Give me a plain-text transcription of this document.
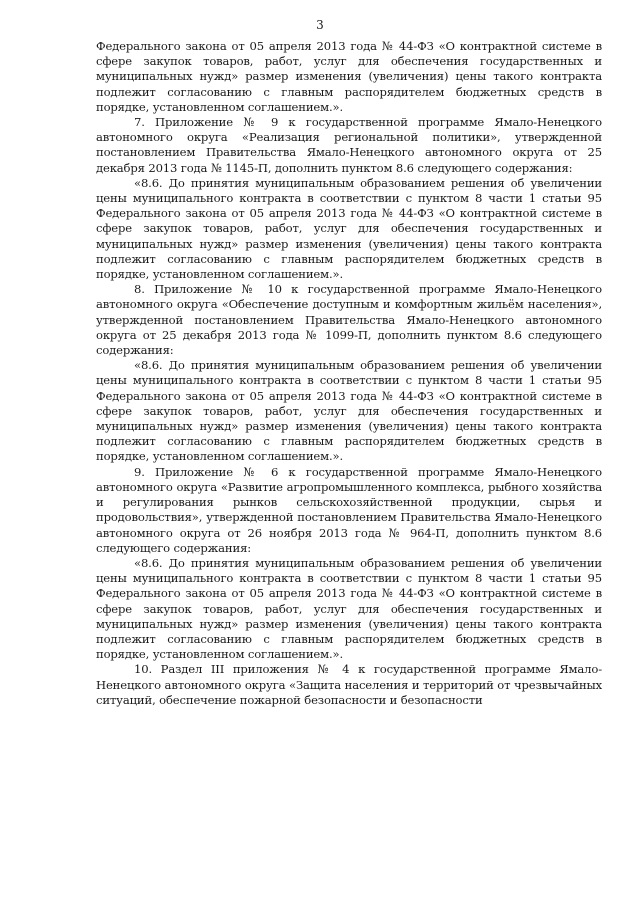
3

Федерального закона от 05 апреля 2013 года № 44-ФЗ «О контрактной системе в сфере закупок товаров, работ, услуг для обеспечения государственных и муниципальных нужд» размер изменения (увеличения) цены такого контракта подлежит согласованию с главным распорядителем бюджетных средств в порядке, установленном соглашением.».

7. Приложение № 9 к государственной программе Ямало-Ненецкого автономного округа «Реализация региональной политики», утвержденной постановлением Правительства Ямало-Ненецкого автономного округа от 25 декабря 2013 года № 1145-П, дополнить пунктом 8.6 следующего содержания:

«8.6. До принятия муниципальным образованием решения об увеличении цены муниципального контракта в соответствии с пунктом 8 части 1 статьи 95 Федерального закона от 05 апреля 2013 года № 44-ФЗ «О контрактной системе в сфере закупок товаров, работ, услуг для обеспечения государственных и муниципальных нужд» размер изменения (увеличения) цены такого контракта подлежит согласованию с главным распорядителем бюджетных средств в порядке, установленном соглашением.».

8. Приложение № 10 к государственной программе Ямало-Ненецкого автономного округа «Обеспечение доступным и комфортным жильём населения», утвержденной постановлением Правительства Ямало-Ненецкого автономного округа от 25 декабря 2013 года № 1099-П, дополнить пунктом 8.6 следующего содержания:

«8.6. До принятия муниципальным образованием решения об увеличении цены муниципального контракта в соответствии с пунктом 8 части 1 статьи 95 Федерального закона от 05 апреля 2013 года № 44-ФЗ «О контрактной системе в сфере закупок товаров, работ, услуг для обеспечения государственных и муниципальных нужд» размер изменения (увеличения) цены такого контракта подлежит согласованию с главным распорядителем бюджетных средств в порядке, установленном соглашением.».

9. Приложение № 6 к государственной программе Ямало-Ненецкого автономного округа «Развитие агропромышленного комплекса, рыбного хозяйства и регулирования рынков сельскохозяйственной продукции, сырья и продовольствия», утвержденной постановлением Правительства Ямало-Ненецкого автономного округа от 26 ноября 2013 года № 964-П, дополнить пунктом 8.6 следующего содержания:

«8.6. До принятия муниципальным образованием решения об увеличении цены муниципального контракта в соответствии с пунктом 8 части 1 статьи 95 Федерального закона от 05 апреля 2013 года № 44-ФЗ «О контрактной системе в сфере закупок товаров, работ, услуг для обеспечения государственных и муниципальных нужд» размер изменения (увеличения) цены такого контракта подлежит согласованию с главным распорядителем бюджетных средств в порядке, установленном соглашением.».

10. Раздел III приложения № 4 к государственной программе Ямало-Ненецкого автономного округа «Защита населения и территорий от чрезвычайных ситуаций, обеспечение пожарной безопасности и безопасности
